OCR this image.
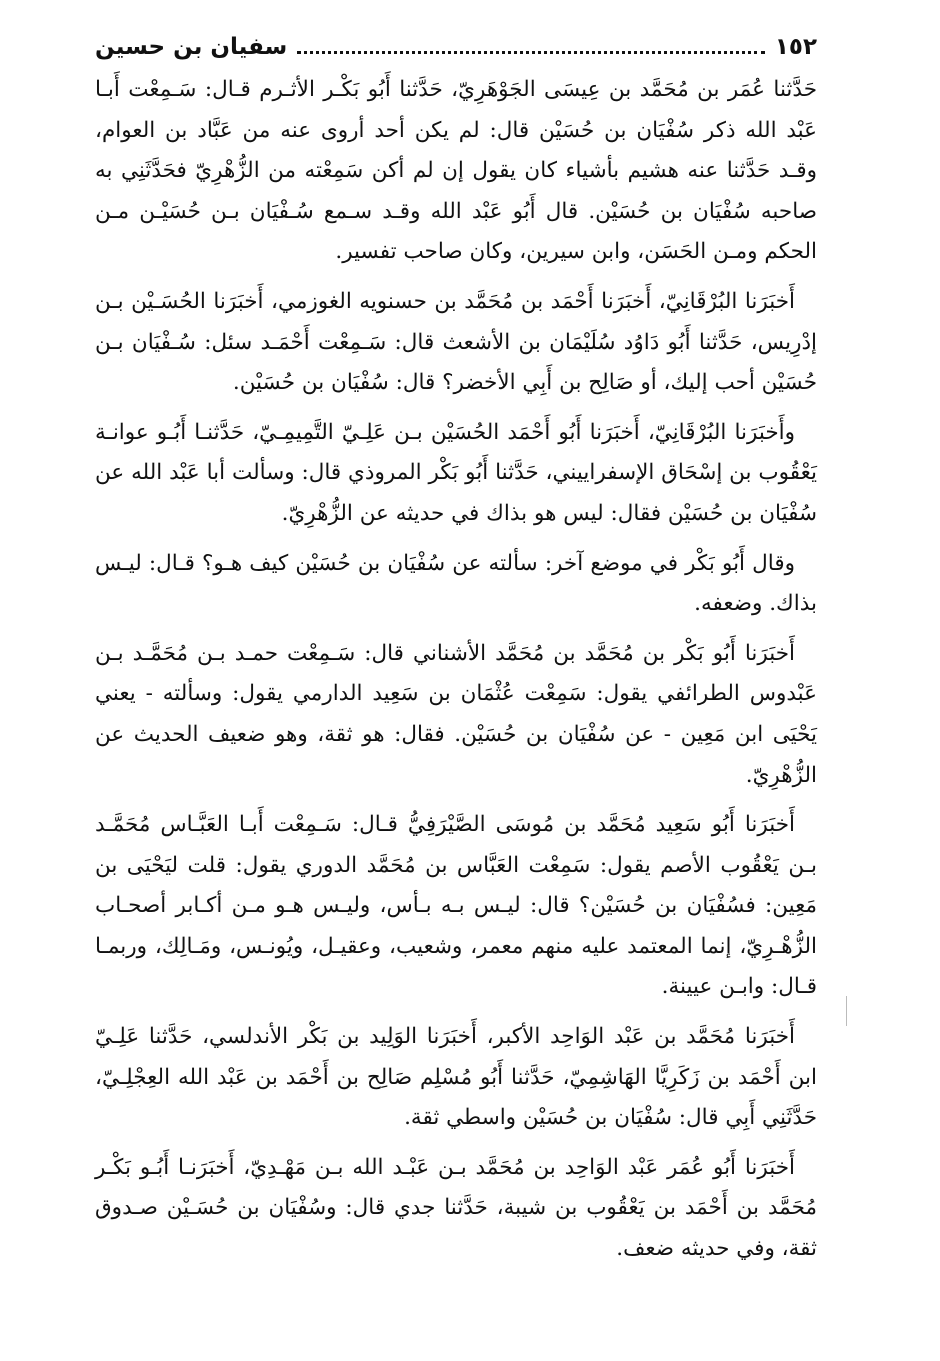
١٥٢
سفيان بن حسين

حَدَّثنا عُمَر بن مُحَمَّد بن عِيسَى الجَوْهَرِيّ، حَدَّثنا أَبُو بَكْـر الأثـرم قـال: سَـمِعْت أَبـا عَبْد الله ذكر سُفْيَان بن حُسَيْن قال: لم يكن أحد أروى عنه من عَبَّاد بن العوام، وقـد حَدَّثنا عنه هشيم بأشياء كان يقول إن لم أكن سَمِعْته من الزُّهْرِيّ فحَدَّثَنِي به صاحبه سُفْيَان بن حُسَيْن. قال أَبُو عَبْد الله وقـد سـمع سُـفْيَان بـن حُسَيْـن مـن الحكم ومـن الحَسَن، وابن سيرين، وكان صاحب تفسير.

أَخبَرَنا البُرْقَانِيّ، أَخبَرَنا أَحْمَد بن مُحَمَّد بن حسنويه الغوزمي، أَخبَرَنا الحُسَـيْن بـن إدْرِيس، حَدَّثنا أَبُو دَاوُد سُلَيْمَان بن الأشعث قال: سَـمِعْت أَحْمَـد سئل: سُـفْيَان بـن حُسَيْن أحب إليك، أو صَالِح بن أَبِي الأخضر؟ قال: سُفْيَان بن حُسَيْن.

وأَخبَرَنا البُرْقَانِيّ، أَخبَرَنا أَبُو أَحْمَد الحُسَيْن بـن عَلِـيّ التَّمِيمِـيّ، حَدَّثنـا أَبُـو عوانـة يَعْقُوب بن إسْحَاق الإسفراييني، حَدَّثنا أَبُو بَكْر المروذي قال: وسألت أبا عَبْد الله عن سُفْيَان بن حُسَيْن فقال: ليس هو بذاك في حديثه عن الزُّهْرِيّ.

وقال أَبُو بَكْر في موضع آخر: سألته عن سُفْيَان بن حُسَيْن كيف هـو؟ قـال: ليـس بذاك. وضعفه.

أَخبَرَنا أَبُو بَكْر بن مُحَمَّد بن مُحَمَّد الأشناني قال: سَـمِعْت حمـد بـن مُحَمَّـد بـن عَبْدوس الطرائفي يقول: سَمِعْت عُثْمَان بن سَعِيد الدارمي يقول: وسألته - يعني يَحْيَى ابن مَعِين - عن سُفْيَان بن حُسَيْن. فقال: هو ثقة، وهو ضعيف الحديث عن الزُّهْرِيّ.

أَخبَرَنا أَبُو سَعِيد مُحَمَّد بن مُوسَى الصَّيْرَفِيُّ قـال: سَـمِعْت أَبـا العَبَّـاس مُحَمَّـد بـن يَعْقُوب الأصم يقول: سَمِعْت العَبَّاس بن مُحَمَّد الدوري يقول: قلت ليَحْيَى بن مَعِين: فسُفْيَان بن حُسَيْن؟ قال: ليـس بـه بـأس، وليـس هـو مـن أكـابر أصحـاب الزُّهْـرِيّ، إنما المعتمد عليه منهم معمر، وشعيب، وعقيـل، ويُونـس، ومَـالِك، وربمـا قـال: وابـن عيينة.

أَخبَرَنا مُحَمَّد بن عَبْد الوَاحِد الأكبر، أَخبَرَنا الوَلِيد بن بَكْر الأندلسي، حَدَّثنا عَلِـيّ ابن أَحْمَد بن زَكَرِيَّا الهَاشِمِيّ، حَدَّثنا أَبُو مُسْلِم صَالِح بن أَحْمَد بن عَبْد الله العِجْلِـيّ، حَدَّثَنِي أَبِي قال: سُفْيَان بن حُسَيْن واسطي ثقة.

أَخبَرَنا أَبُو عُمَر عَبْد الوَاحِد بن مُحَمَّد بـن عَبْـد الله بـن مَهْـدِيّ، أَخبَرَنـا أَبُـو بَكْـر مُحَمَّد بن أَحْمَد بن يَعْقُوب بن شيبة، حَدَّثنا جدي قال: وسُفْيَان بن حُسَـيْن صـدوق ثقة، وفي حديثه ضعف.
